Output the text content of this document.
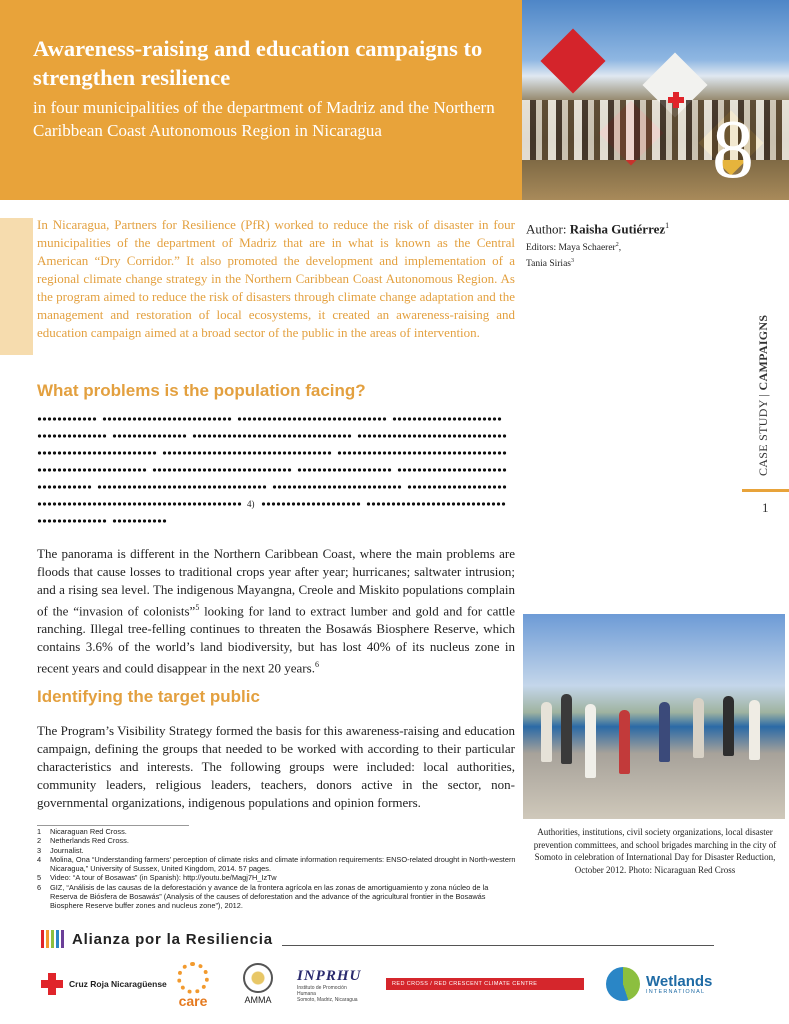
Awareness-raising and education campaigns to strengthen resilience
in four municipalities of the department of Madriz and the Northern Caribbean Coast Autonomous Region in Nicaragua	8

In Nicaragua, Partners for Resilience (PfR) worked to reduce the risk of disaster in four municipalities of the department of Madriz that are in what is known as the Central American “Dry Corridor.” It also promoted the development and implementation of a regional climate change strategy in the Northern Caribbean Coast Autonomous Region. As the program aimed to reduce the risk of disasters through climate change adaptation and the management and restoration of local ecosystems, it created an awareness-raising and education campaign aimed at a broad sector of the public in the areas of intervention.

Author: Raisha Gutiérrez$^1$
Editors: Maya Schaerer$^2$,
Tania Sirias$^3$
CASE STUDY | CAMPAIGNS
1
What problems is the population facing?
4)

The panorama is different in the Northern Caribbean Coast, where the main problems are floods that cause losses to traditional crops year after year; hurricanes; saltwater intrusion; and a rising sea level. The indigenous Mayangna, Creole and Miskito populations complain of the “invasion of colonists”$^5$ looking for land to extract lumber and gold and for cattle ranching. Illegal tree-felling continues to threaten the Bosawás Biosphere Reserve, which contains 3.6% of the world’s land biodiversity, but has lost 40% of its nucleus zone in recent years and could disappear in the next 20 years.$^6$

Identifying the target public

The Program’s Visibility Strategy formed the basis for this awareness-raising and education campaign, defining the groups that needed to be worked with according to their particular characteristics and interests. The following groups were included: local authorities, community leaders, religious leaders, teachers, donors active in the sector, non-governmental organizations, indigenous populations and opinion formers.

Authorities, institutions, civil society organizations, local disaster prevention committees, and school brigades marching in the city of Somoto in celebration of International Day for Disaster Reduction, October 2012. Photo: Nicaraguan Red Cross

1	Nicaraguan Red Cross.
2	Netherlands Red Cross.
3	Journalist.
4	Molina, Ona “Understanding farmers’ perception of climate risks and climate information requirements: ENSO-related drought in North-western Nicaragua,” University of Sussex, United Kingdom, 2014. 57 pages.
5	Video: “A tour of Bosawas” (in Spanish): http://youtu.be/Magj7H_IzTw
6	GIZ, “Análisis de las causas de la deforestación y avance de la frontera agrícola en las zonas de amortiguamiento y zona núcleo de la Reserva de Biósfera de Bosawás” (Analysis of the causes of deforestation and the advance of the agricultural frontier in the Bosawás Biosphere Reserve buffer zones and nucleus zone”), 2012.
Alianza por la Resiliencia
Cruz Roja Nicaragüense
care	AMMA
INPRHU
Instituto de Promoción Humana
Somoto, Madriz, Nicaragua
RED CROSS / RED CRESCENT CLIMATE CENTRE	Wetlands
INTERNATIONAL
